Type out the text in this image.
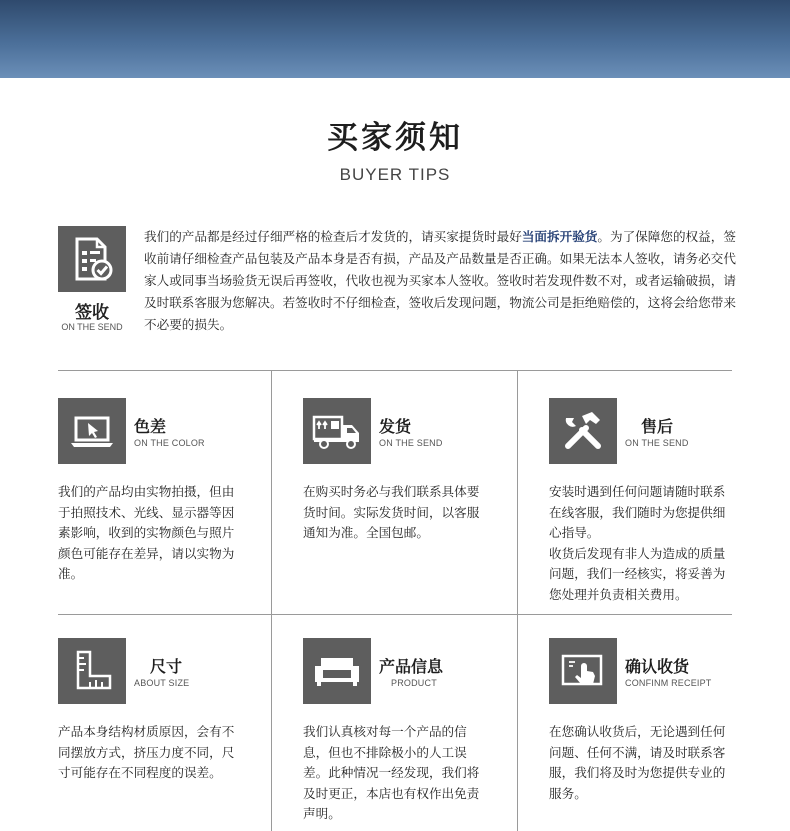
买家须知
BUYER TIPS
签收
ON THE SEND
我们的产品都是经过仔细严格的检查后才发货的，请买家提货时最好当面拆开验货。为了保障您的权益，签收前请仔细检查产品包装及产品本身是否有损，产品及产品数量是否正确。如果无法本人签收，请务必交代家人或同事当场验货无误后再签收，代收也视为买家本人签收。签收时若发现件数不对，或者运输破损，请及时联系客服为您解决。若签收时不仔细检查，签收后发现问题，物流公司是拒绝赔偿的，这将会给您带来不必要的损失。
色差
ON THE COLOR

我们的产品均由实物拍摄，但由于拍照技术、光线、显示器等因素影响，收到的实物颜色与照片颜色可能存在差异，请以实物为准。

发货
ON THE SEND

在购买时务必与我们联系具体要货时间。实际发货时间，以客服通知为准。全国包邮。

售后
ON THE SEND

安装时遇到任何问题请随时联系在线客服，我们随时为您提供细心指导。

收货后发现有非人为造成的质量问题，我们一经核实，将妥善为您处理并负责相关费用。

尺寸
ABOUT SIZE

产品本身结构材质原因，会有不同摆放方式，挤压力度不同，尺寸可能存在不同程度的误差。

产品信息
PRODUCT

我们认真核对每一个产品的信息，但也不排除极小的人工误差。此种情况一经发现，我们将及时更正，本店也有权作出免责声明。

确认收货
CONFINM RECEIPT

在您确认收货后，无论遇到任何问题、任何不满，请及时联系客服，我们将及时为您提供专业的服务。
